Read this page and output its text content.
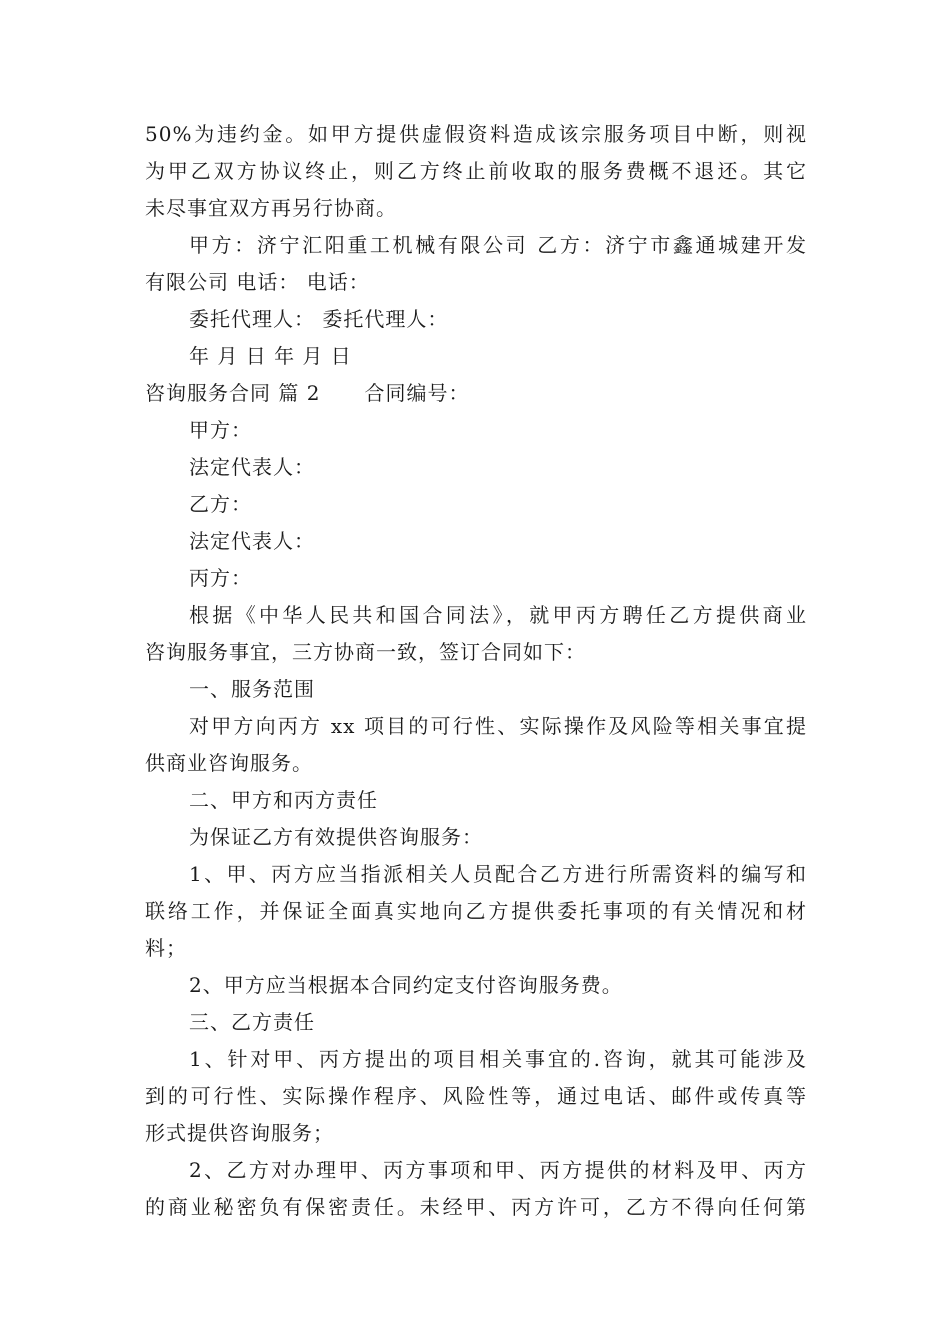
50%为违约金。如甲方提供虚假资料造成该宗服务项目中断，则视
为甲乙双方协议终止，则乙方终止前收取的服务费概不退还。其它
未尽事宜双方再另行协商。
甲方：济宁汇阳重工机械有限公司 乙方：济宁市鑫通城建开发
有限公司 电话： 电话：
委托代理人： 委托代理人：
年 月 日 年 月 日
咨询服务合同 篇 2 合同编号：
甲方：
法定代表人：
乙方：
法定代表人：
丙方：
根据《中华人民共和国合同法》，就甲丙方聘任乙方提供商业
咨询服务事宜，三方协商一致，签订合同如下：
一、服务范围
对甲方向丙方 xx 项目的可行性、实际操作及风险等相关事宜提
供商业咨询服务。
二、甲方和丙方责任
为保证乙方有效提供咨询服务：
1、甲、丙方应当指派相关人员配合乙方进行所需资料的编写和
联络工作，并保证全面真实地向乙方提供委托事项的有关情况和材
料；
2、甲方应当根据本合同约定支付咨询服务费。
三、乙方责任
1、针对甲、丙方提出的项目相关事宜的.咨询，就其可能涉及
到的可行性、实际操作程序、风险性等，通过电话、邮件或传真等
形式提供咨询服务；
2、乙方对办理甲、丙方事项和甲、丙方提供的材料及甲、丙方
的商业秘密负有保密责任。未经甲、丙方许可，乙方不得向任何第
